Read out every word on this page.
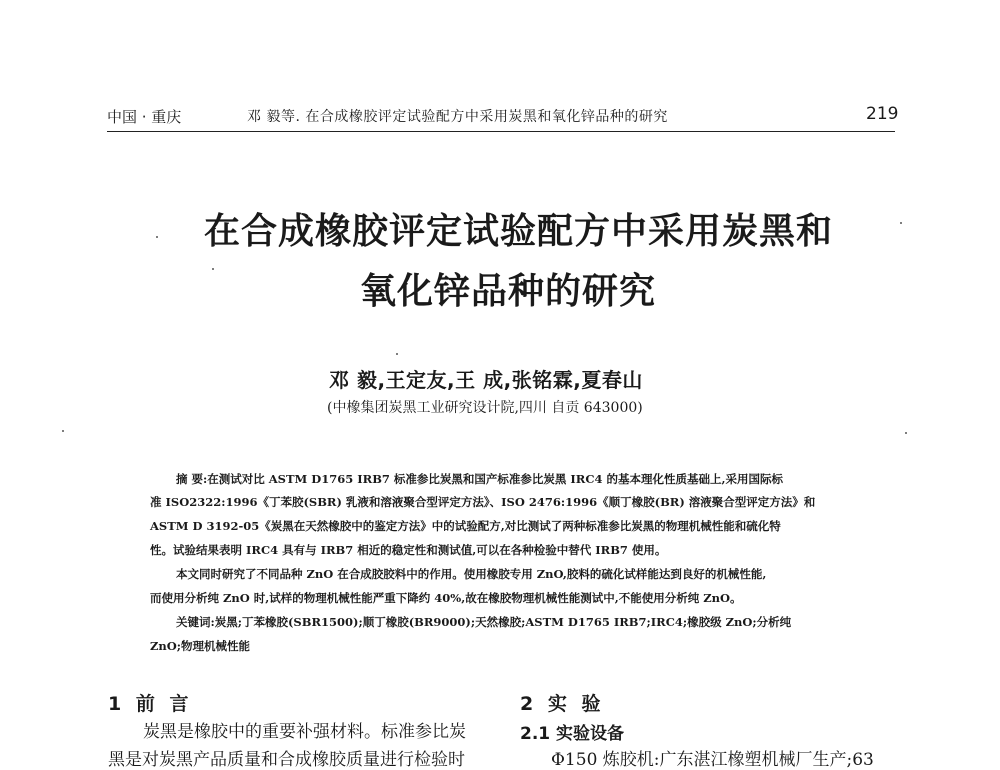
中国 · 重庆	邓 毅等. 在合成橡胶评定试验配方中采用炭黑和氧化锌品种的研究	219
在合成橡胶评定试验配方中采用炭黑和
氧化锌品种的研究
邓 毅,王定友,王 成,张铭霖,夏春山
(中橡集团炭黑工业研究设计院,四川 自贡 643000)
摘 要:在测试对比 ASTM D1765 IRB7 标准参比炭黑和国产标准参比炭黑 IRC4 的基本理化性质基础上,采用国际标
准 ISO2322:1996《丁苯胶(SBR) 乳液和溶液聚合型评定方法》、ISO 2476:1996《顺丁橡胶(BR) 溶液聚合型评定方法》和
ASTM D 3192-05《炭黑在天然橡胶中的鉴定方法》中的试验配方,对比测试了两种标准参比炭黑的物理机械性能和硫化特
性。试验结果表明 IRC4 具有与 IRB7 相近的稳定性和测试值,可以在各种检验中替代 IRB7 使用。
本文同时研究了不同品种 ZnO 在合成胶胶料中的作用。使用橡胶专用 ZnO,胶料的硫化试样能达到良好的机械性能,
而使用分析纯 ZnO 时,试样的物理机械性能严重下降约 40%,故在橡胶物理机械性能测试中,不能使用分析纯 ZnO。
关键词:炭黑;丁苯橡胶(SBR1500);顺丁橡胶(BR9000);天然橡胶;ASTM D1765 IRB7;IRC4;橡胶级 ZnO;分析纯
ZnO;物理机械性能
1 前 言
炭黑是橡胶中的重要补强材料。标准参比炭
黑是对炭黑产品质量和合成橡胶质量进行检验时
2 实 验
2.1 实验设备
Φ150 炼胶机:广东湛江橡塑机械厂生产;63
